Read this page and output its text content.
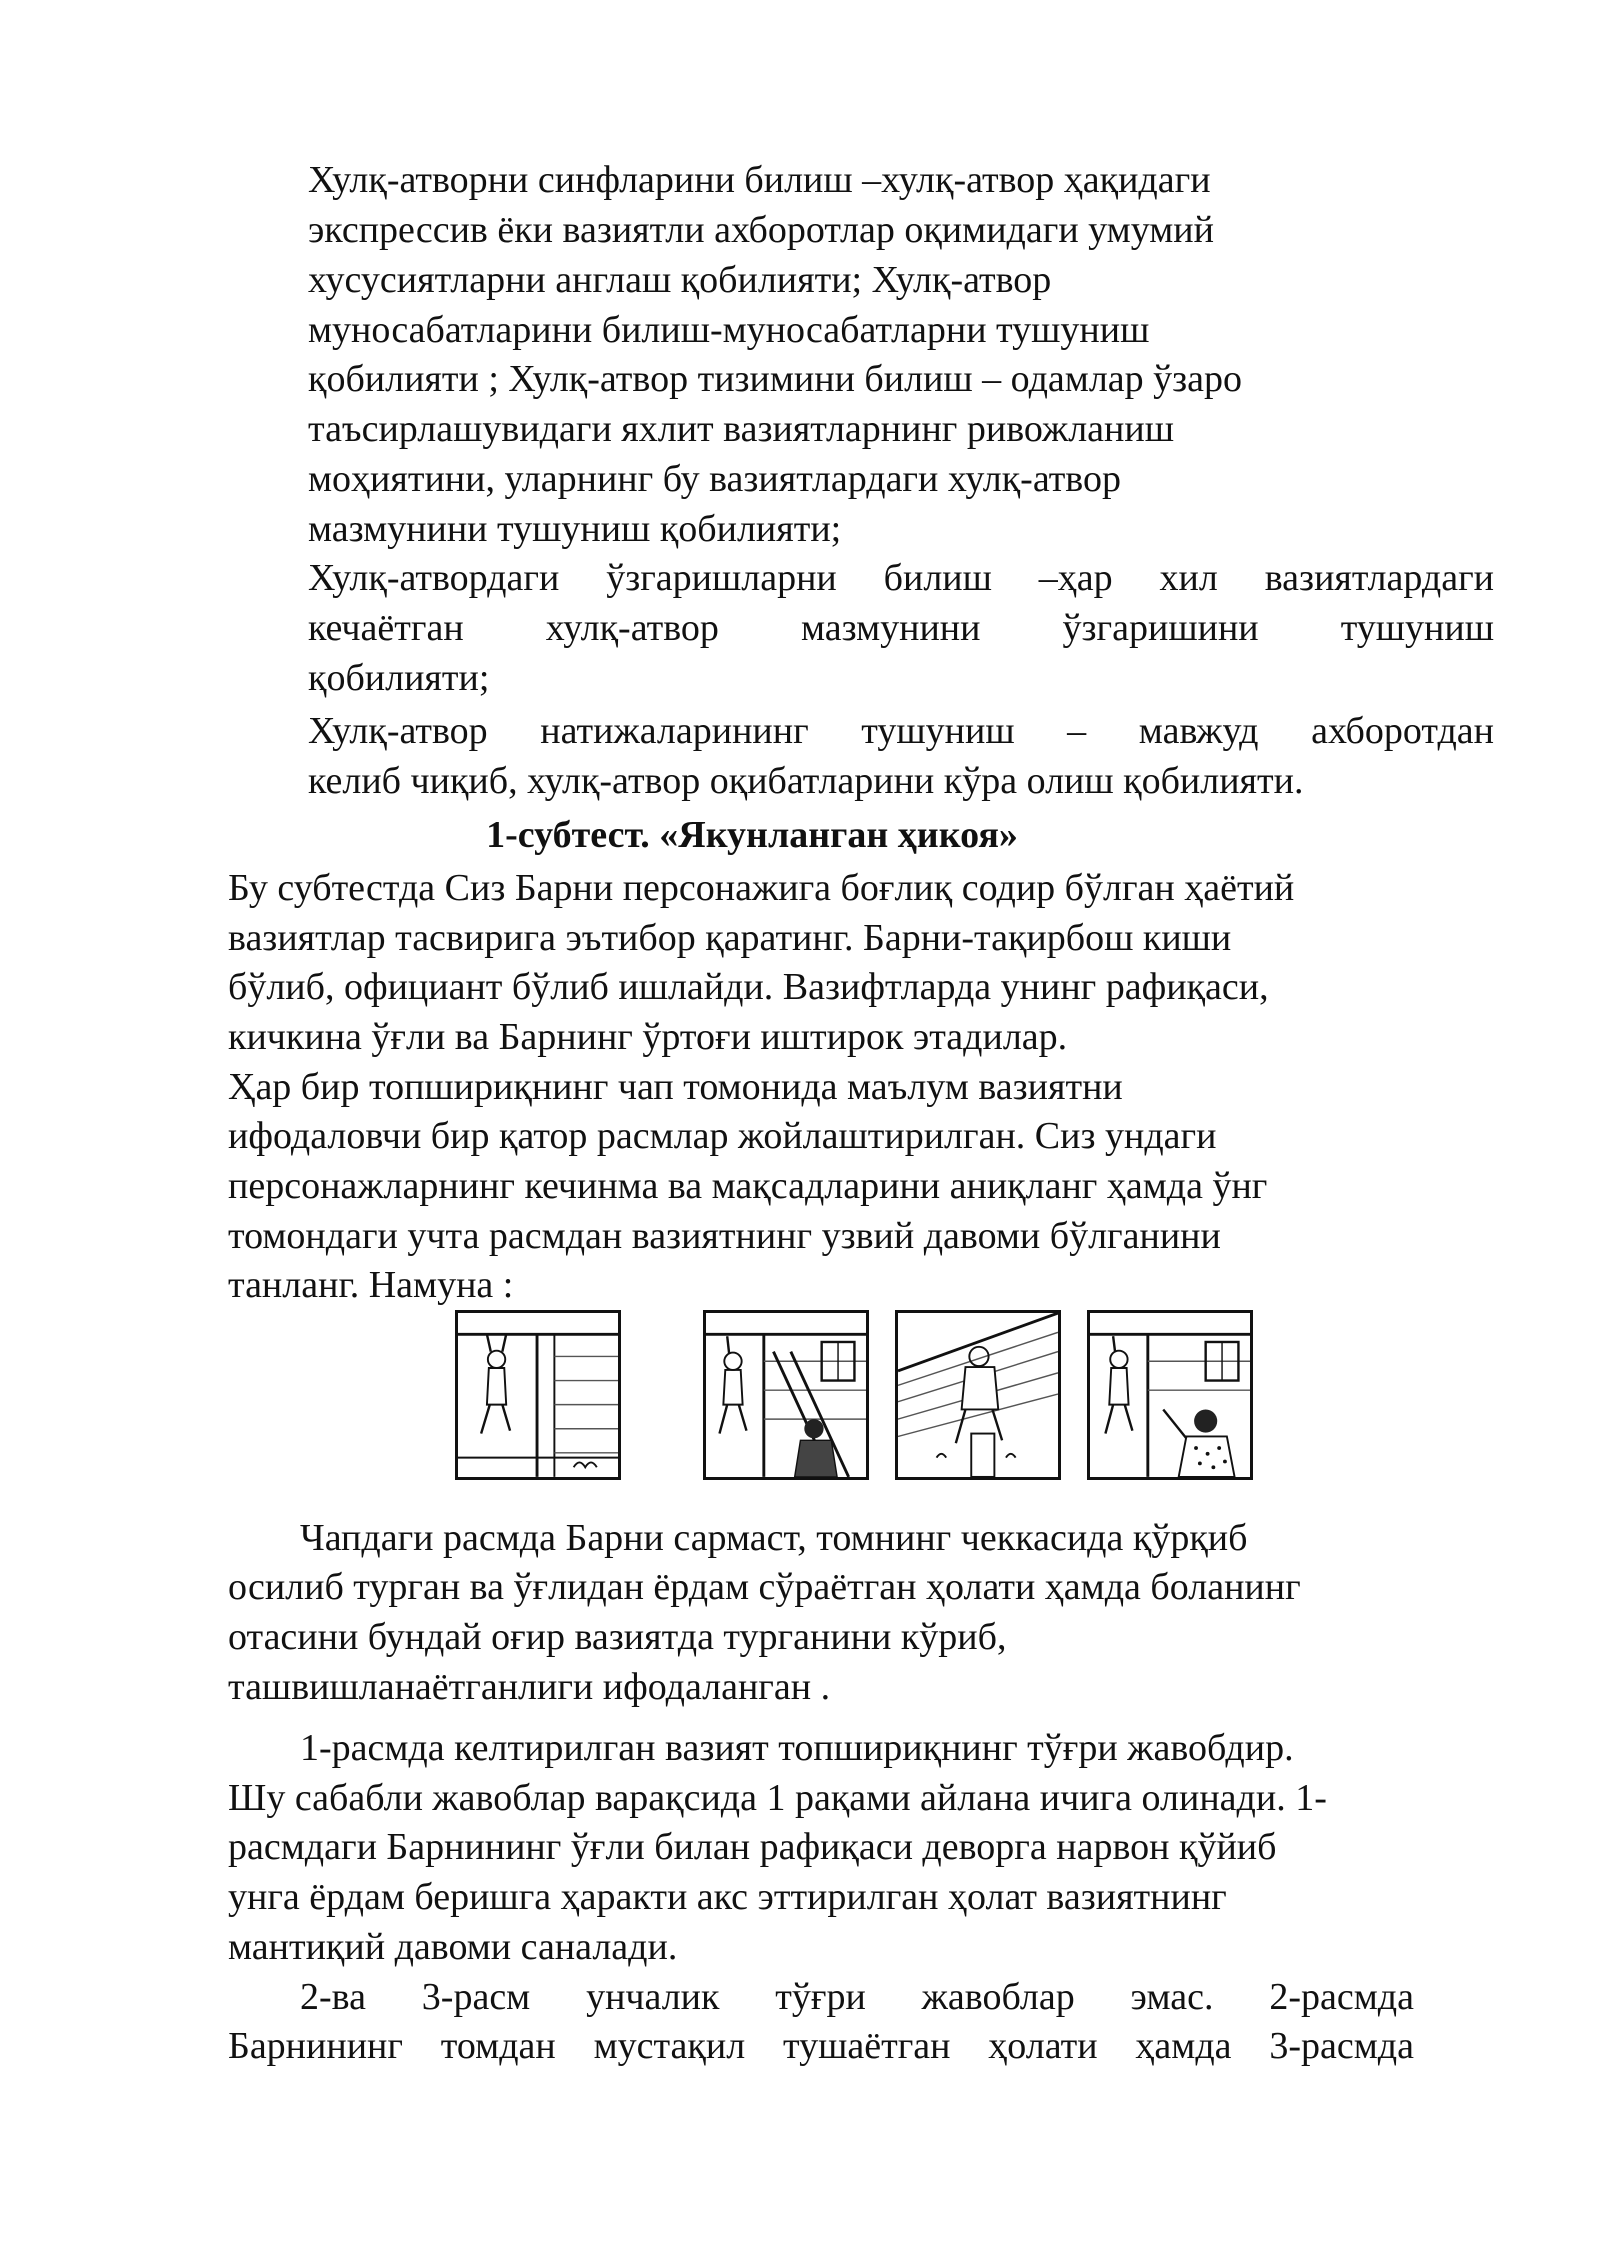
Хулқ-атворни синфларини билиш –хулқ-атвор ҳақидаги

экспрессив ёки вазиятли ахборотлар оқимидаги умумий

хусусиятларни англаш қобилияти; Хулқ-атвор

муносабатларини билиш-муносабатларни тушуниш

қобилияти ; Хулқ-атвор тизимини билиш – одамлар ўзаро

таъсирлашувидаги яхлит вазиятларнинг ривожланиш

моҳиятини, уларнинг бу вазиятлардаги хулқ-атвор

мазмунини тушуниш қобилияти;

Хулқ-атвордаги ўзгаришларни билиш –ҳар хил вазиятлардаги

кечаётган хулқ-атвор мазмунини ўзгаришини тушуниш

қобилияти;

Хулқ-атвор натижаларининг тушуниш – мавжуд ахборотдан

келиб чиқиб, хулқ-атвор оқибатларини кўра олиш қобилияти.

1-субтест. «Якунланган ҳикоя»

Бу субтестда Сиз Барни персонажига боғлиқ содир бўлган ҳаётий

вазиятлар тасвирига эътибор қаратинг. Барни-тақирбош киши

бўлиб, официант бўлиб ишлайди. Вазифтларда унинг рафиқаси,

кичкина ўғли ва Барнинг ўртоғи иштирок этадилар.

Ҳар бир топшириқнинг чап томонида маълум вазиятни

ифодаловчи бир қатор расмлар жойлаштирилган. Сиз ундаги

персонажларнинг кечинма ва мақсадларини аниқланг ҳамда ўнг

томондаги учта расмдан вазиятнинг узвий давоми бўлганини

танланг. Намуна :

Чапдаги расмда Барни сармаст, томнинг чеккасида қўрқиб

осилиб турган ва ўғлидан ёрдам сўраётган ҳолати ҳамда боланинг

отасини бундай оғир вазиятда турганини кўриб,

ташвишланаётганлиги ифодаланган .

1-расмда келтирилган вазият топшириқнинг тўғри жавобдир.

Шу сабабли жавоблар варақсида 1 рақами айлана ичига олинади. 1-

расмдаги Барнининг ўғли билан рафиқаси деворга нарвон қўйиб

унга ёрдам беришга ҳаракти акс эттирилган ҳолат вазиятнинг

мантиқий давоми саналади.

2-ва 3-расм унчалик тўғри жавоблар эмас. 2-расмда

Барнининг томдан мустақил тушаётган ҳолати ҳамда 3-расмда
